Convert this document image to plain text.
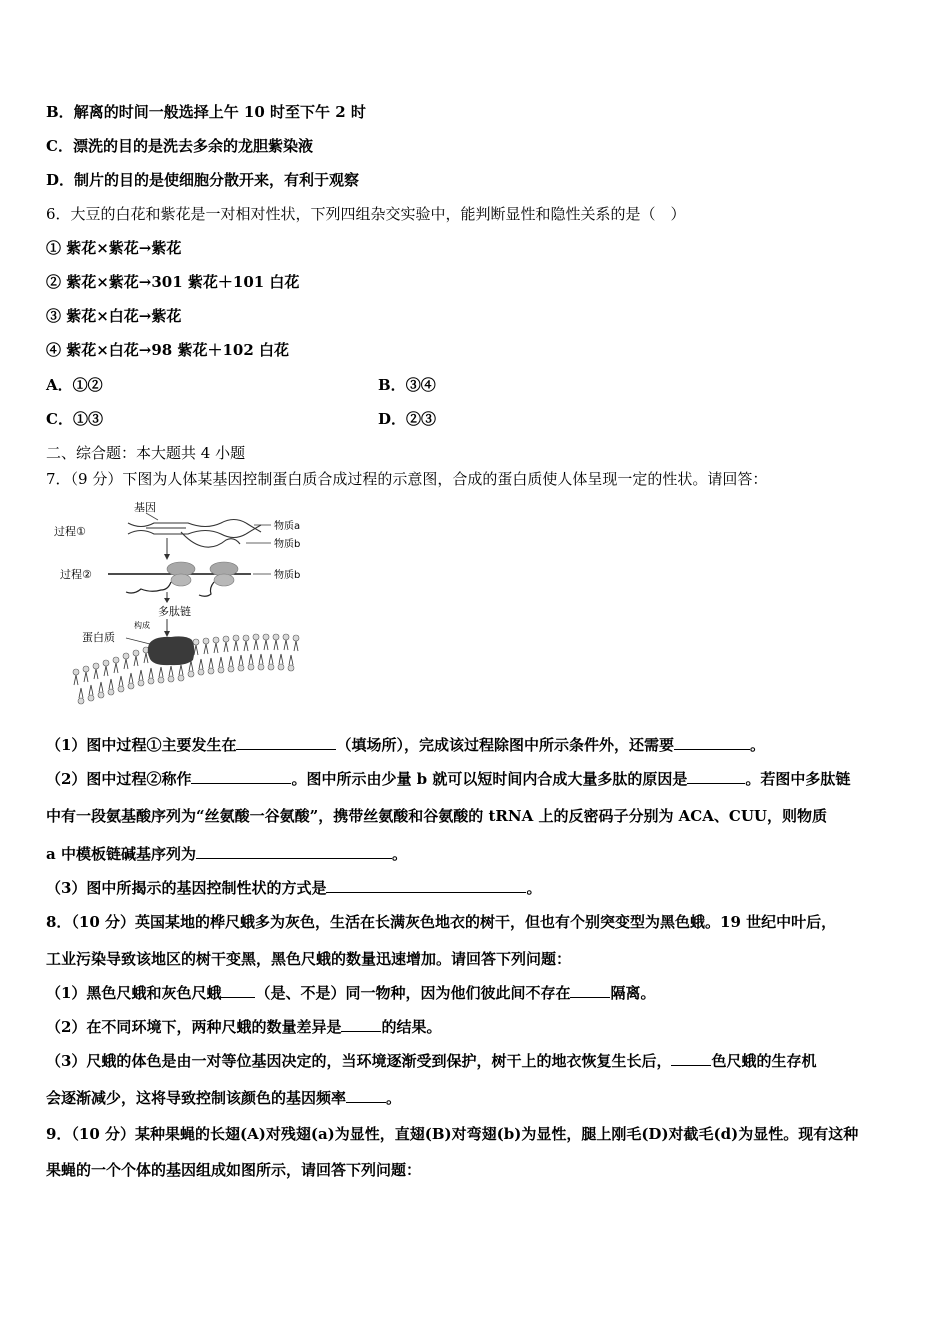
B．解离的时间一般选择上午 10 时至下午 2 时
C．漂洗的目的是洗去多余的龙胆紫染液
D．制片的目的是使细胞分散开来，有利于观察
6．大豆的白花和紫花是一对相对性状，下列四组杂交实验中，能判断显性和隐性关系的是（　）
① 紫花×紫花→紫花
② 紫花×紫花→301 紫花＋101 白花
③ 紫花×白花→紫花
④ 紫花×白花→98 紫花＋102 白花
A．①②	B．③④
C．①③	D．②③
二、综合题：本大题共 4 小题
7．（9 分）下图为人体某基因控制蛋白质合成过程的示意图，合成的蛋白质使人体呈现一定的性状。请回答：
基因
过程①	物质a
物质b
过程②	物质b
多肽链
构成
蛋白质
（1）图中过程①主要发生在	（填场所），完成该过程除图中所示条件外，还需要	。
（2）图中过程②称作	。图中所示由少量 b 就可以短时间内合成大量多肽的原因是	。若图中多肽链
中有一段氨基酸序列为“丝氨酸一谷氨酸”，携带丝氨酸和谷氨酸的 tRNA 上的反密码子分别为 ACA、CUU，则物质
a 中模板链碱基序列为	。
（3）图中所揭示的基因控制性状的方式是	。
8．（10 分）英国某地的桦尺蛾多为灰色，生活在长满灰色地衣的树干，但也有个别突变型为黑色蛾。19 世纪中叶后，
工业污染导致该地区的树干变黑，黑色尺蛾的数量迅速增加。请回答下列问题：
（1）黑色尺蛾和灰色尺蛾 （是、不是）同一物种，因为他们彼此间不存在	隔离。
（2）在不同环境下，两种尺蛾的数量差异是	的结果。
（3）尺蛾的体色是由一对等位基因决定的，当环境逐渐受到保护，树干上的地衣恢复生长后，	色尺蛾的生存机
会逐渐减少，这将导致控制该颜色的基因频率	。
9．（10 分）某种果蝇的长翅(A)对残翅(a)为显性，直翅(B)对弯翅(b)为显性，腿上刚毛(D)对截毛(d)为显性。现有这种
果蝇的一个个体的基因组成如图所示，请回答下列问题：
